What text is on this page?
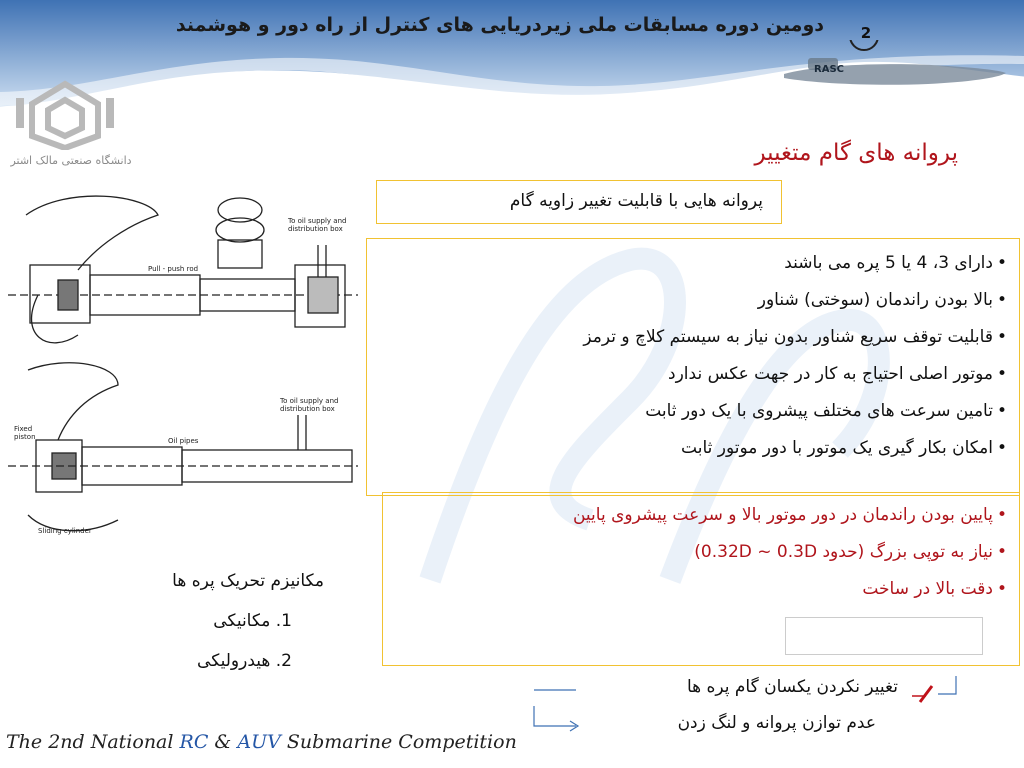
دومین دوره مسابقات ملی زیردریایی های کنترل از راه دور و هوشمند	2
RASC
دانشگاه صنعتی مالک اشتر
To oil supply and
distribution box
Pull - push rod
To oil supply and
distribution box
Fixed
piston	Oil pipes
Sliding cylinder
پروانه های گام متغییر
پروانه هایی با قابلیت تغییر زاویه گام
•دارای 3، 4 یا 5 پره می باشند
•بالا بودن راندمان (سوختی) شناور
•قابلیت توقف سریع شناور بدون نیاز به سیستم کلاچ و ترمز
•موتور اصلی احتیاج به کار در جهت عکس ندارد
•تامین سرعت های مختلف پیشروی با یک دور ثابت
•امکان بکار گیری یک موتور با دور موتور ثابت
•پایین بودن راندمان در دور موتور بالا و سرعت پیشروی پایین
•نیاز به توپی بزرگ (حدود 0.32D ~ 0.3D)
•دقت بالا در ساخت
مکانیزم تحریک پره ها
1. مکانیکی
2. هیدرولیکی
تغییر نکردن یکسان گام پره ها
عدم توازن پروانه و لنگ زدن
The 2nd National RC & AUV Submarine Competition
